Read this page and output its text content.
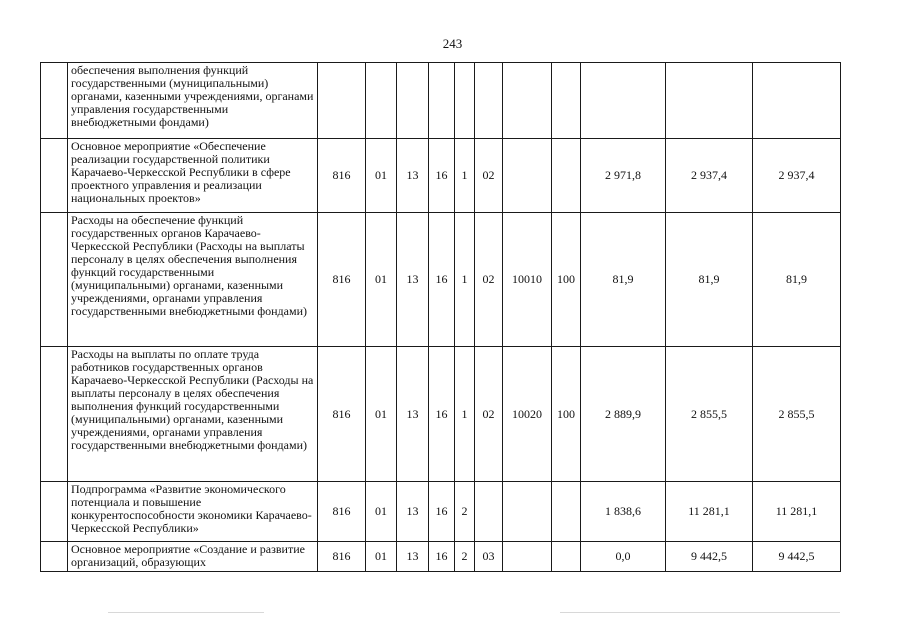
243
	обеспечения выполнения функций государственными (муниципальными) органами, казенными учреждениями, органами управления государственными внебюджетными фондами)											
	Основное мероприятие «Обеспечение реализации государственной политики Карачаево-Черкесской Республики в сфере проектного управления и реализации национальных проектов»	816	01	13	16	1	02			2 971,8	2 937,4	2 937,4
	Расходы на обеспечение функций государственных органов Карачаево-Черкесской Республики (Расходы на выплаты персоналу в целях обеспечения выполнения функций государственными (муниципальными) органами, казенными учреждениями, органами управления государственными внебюджетными фондами)	816	01	13	16	1	02	10010	100	81,9	81,9	81,9
	Расходы на выплаты по оплате труда работников государственных органов Карачаево-Черкесской Республики (Расходы на выплаты персоналу в целях обеспечения выполнения функций государственными (муниципальными) органами, казенными учреждениями, органами управления государственными внебюджетными фондами)	816	01	13	16	1	02	10020	100	2 889,9	2 855,5	2 855,5
	Подпрограмма «Развитие экономического потенциала и повышение конкурентоспособности экономики Карачаево-Черкесской Республики»	816	01	13	16	2				1 838,6	11 281,1	11 281,1
	Основное мероприятие «Создание и развитие организаций, образующих	816	01	13	16	2	03			0,0	9 442,5	9 442,5
